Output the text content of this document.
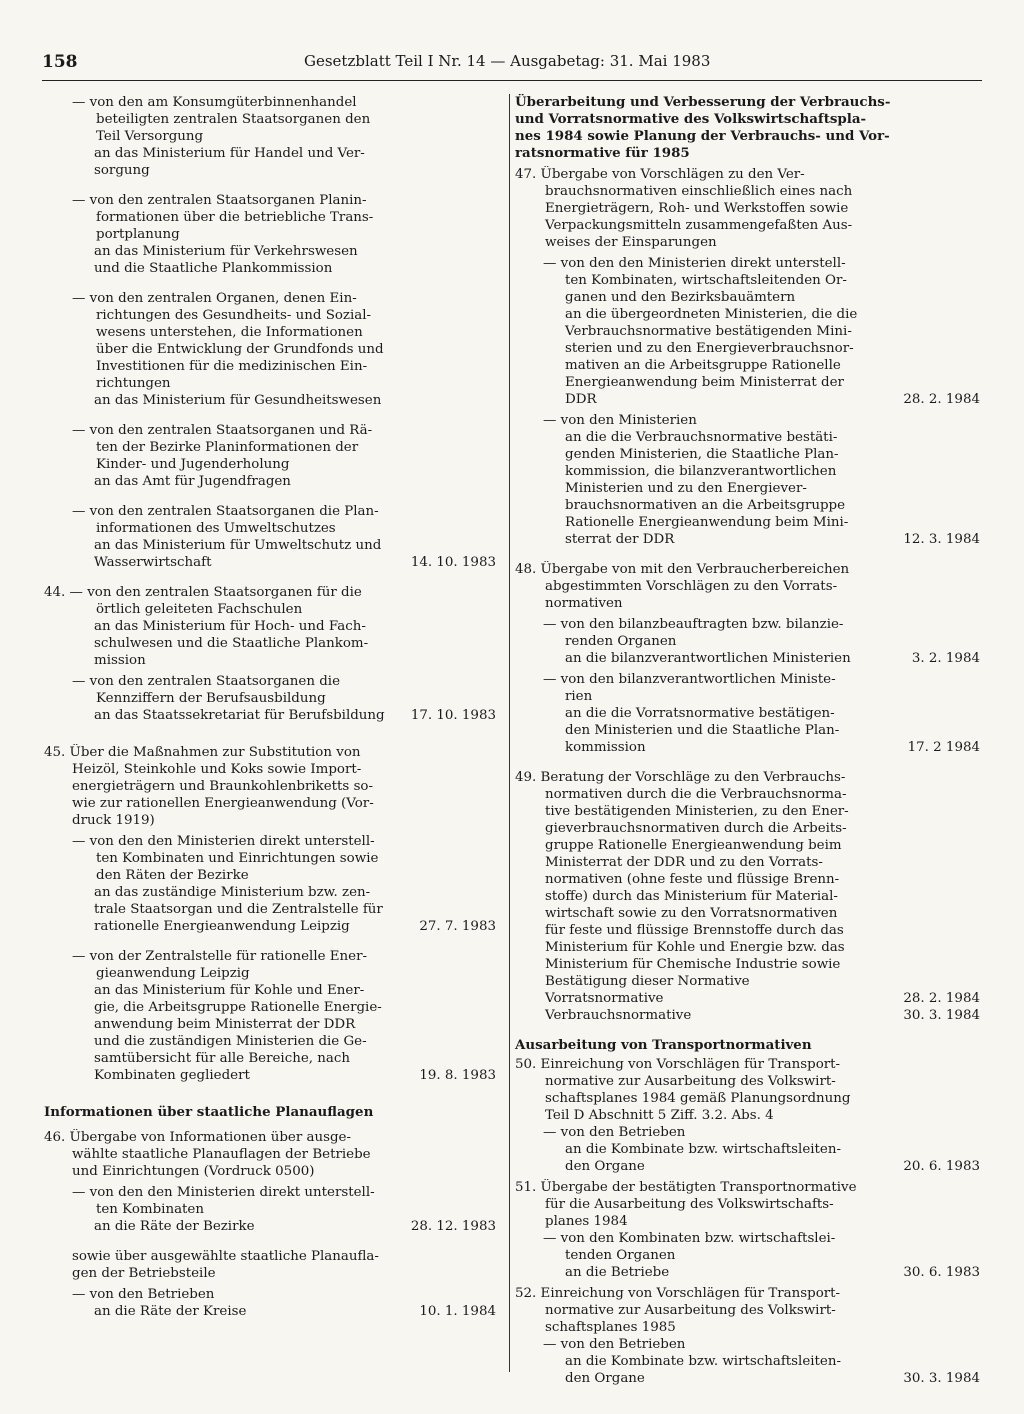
158	Gesetzblatt Teil I Nr. 14 — Ausgabetag: 31. Mai 1983
— von den am Konsumgüterbinnenhandel
beteiligten zentralen Staatsorganen den
Teil Versorgung
an das Ministerium für Handel und Ver-
sorgung
— von den zentralen Staatsorganen Planin-
formationen über die betriebliche Trans-
portplanung
an das Ministerium für Verkehrswesen
und die Staatliche Plankommission
— von den zentralen Organen, denen Ein-
richtungen des Gesundheits- und Sozial-
wesens unterstehen, die Informationen
über die Entwicklung der Grundfonds und
Investitionen für die medizinischen Ein-
richtungen
an das Ministerium für Gesundheitswesen
— von den zentralen Staatsorganen und Rä-
ten der Bezirke Planinformationen der
Kinder- und Jugenderholung
an das Amt für Jugendfragen
— von den zentralen Staatsorganen die Plan-
informationen des Umweltschutzes
an das Ministerium für Umweltschutz und
Wasserwirtschaft	14. 10. 1983
44. — von den zentralen Staatsorganen für die
örtlich geleiteten Fachschulen
an das Ministerium für Hoch- und Fach-
schulwesen und die Staatliche Plankom-
mission
— von den zentralen Staatsorganen die
Kennziffern der Berufsausbildung
an das Staatssekretariat für Berufsbildung	17. 10. 1983
45. Über die Maßnahmen zur Substitution von
Heizöl, Steinkohle und Koks sowie Import-
energieträgern und Braunkohlenbriketts so-
wie zur rationellen Energieanwendung (Vor-
druck 1919)
— von den den Ministerien direkt unterstell-
ten Kombinaten und Einrichtungen sowie
den Räten der Bezirke
an das zuständige Ministerium bzw. zen-
trale Staatsorgan und die Zentralstelle für
rationelle Energieanwendung Leipzig	27. 7. 1983
— von der Zentralstelle für rationelle Ener-
gieanwendung Leipzig
an das Ministerium für Kohle und Ener-
gie, die Arbeitsgruppe Rationelle Energie-
anwendung beim Ministerrat der DDR
und die zuständigen Ministerien die Ge-
samtübersicht für alle Bereiche, nach
Kombinaten gegliedert	19. 8. 1983
Informationen über staatliche Planauflagen
46. Übergabe von Informationen über ausge-
wählte staatliche Planauflagen der Betriebe
und Einrichtungen (Vordruck 0500)
— von den den Ministerien direkt unterstell-
ten Kombinaten
an die Räte der Bezirke	28. 12. 1983
sowie über ausgewählte staatliche Planaufla-
gen der Betriebsteile
— von den Betrieben
an die Räte der Kreise	10. 1. 1984
Überarbeitung und Verbesserung der Verbrauchs-
und Vorratsnormative des Volkswirtschaftspla-
nes 1984 sowie Planung der Verbrauchs- und Vor-
ratsnormative für 1985
47. Übergabe von Vorschlägen zu den Ver-
brauchsnormativen einschließlich eines nach
Energieträgern, Roh- und Werkstoffen sowie
Verpackungsmitteln zusammengefaßten Aus-
weises der Einsparungen
— von den den Ministerien direkt unterstell-
ten Kombinaten, wirtschaftsleitenden Or-
ganen und den Bezirksbauämtern
an die übergeordneten Ministerien, die die
Verbrauchsnormative bestätigenden Mini-
sterien und zu den Energieverbrauchsnor-
mativen an die Arbeitsgruppe Rationelle
Energieanwendung beim Ministerrat der
DDR	28. 2. 1984
— von den Ministerien
an die die Verbrauchsnormative bestäti-
genden Ministerien, die Staatliche Plan-
kommission, die bilanzverantwortlichen
Ministerien und zu den Energiever-
brauchsnormativen an die Arbeitsgruppe
Rationelle Energieanwendung beim Mini-
sterrat der DDR	12. 3. 1984
48. Übergabe von mit den Verbraucherbereichen
abgestimmten Vorschlägen zu den Vorrats-
normativen
— von den bilanzbeauftragten bzw. bilanzie-
renden Organen
an die bilanzverantwortlichen Ministerien	3. 2. 1984
— von den bilanzverantwortlichen Ministe-
rien
an die die Vorratsnormative bestätigen-
den Ministerien und die Staatliche Plan-
kommission	17. 2 1984
49. Beratung der Vorschläge zu den Verbrauchs-
normativen durch die die Verbrauchsnorma-
tive bestätigenden Ministerien, zu den Ener-
gieverbrauchsnormativen durch die Arbeits-
gruppe Rationelle Energieanwendung beim
Ministerrat der DDR und zu den Vorrats-
normativen (ohne feste und flüssige Brenn-
stoffe) durch das Ministerium für Material-
wirtschaft sowie zu den Vorratsnormativen
für feste und flüssige Brennstoffe durch das
Ministerium für Kohle und Energie bzw. das
Ministerium für Chemische Industrie sowie
Bestätigung dieser Normative
Vorratsnormative	28. 2. 1984
Verbrauchsnormative	30. 3. 1984
Ausarbeitung von Transportnormativen
50. Einreichung von Vorschlägen für Transport-
normative zur Ausarbeitung des Volkswirt-
schaftsplanes 1984 gemäß Planungsordnung
Teil D Abschnitt 5 Ziff. 3.2. Abs. 4
— von den Betrieben
an die Kombinate bzw. wirtschaftsleiten-
den Organe	20. 6. 1983
51. Übergabe der bestätigten Transportnormative
für die Ausarbeitung des Volkswirtschafts-
planes 1984
— von den Kombinaten bzw. wirtschaftslei-
tenden Organen
an die Betriebe	30. 6. 1983
52. Einreichung von Vorschlägen für Transport-
normative zur Ausarbeitung des Volkswirt-
schaftsplanes 1985
— von den Betrieben
an die Kombinate bzw. wirtschaftsleiten-
den Organe	30. 3. 1984
